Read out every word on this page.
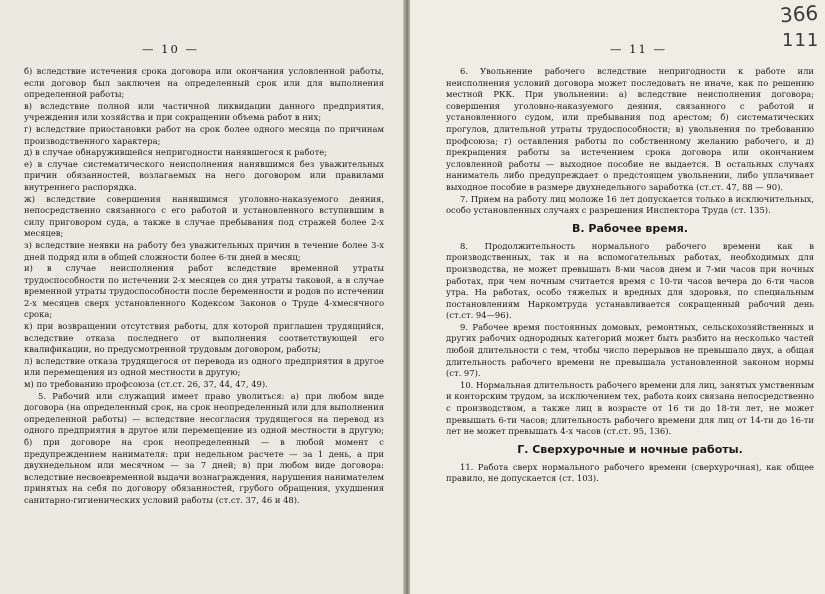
— 10 —

б) вследствие истечения срока договора или окончания условленной работы, если договор был заключен на определенный срок или для выполнения определенной работы;

в) вследствие полной или частичной ликвидации данного предприятия, учреждения или хозяйства и при сокращении объема работ в них;

г) вследствие приостановки работ на срок более одного месяца по причинам производственного характера;

д) в случае обнаружившейся непригодности нанявшегося к работе;

е) в случае систематического неисполнения нанявшимся без уважительных причин обязанностей, возлагаемых на него договором или правилами внутреннего распорядка.

ж) вследствие совершения нанявшимся уголовно-наказуемого деяния, непосредственно связанного с его работой и установленного вступившим в силу приговором суда, а также в случае пребывания под стражей более 2-х месяцев;

з) вследствие неявки на работу без уважительных причин в течение более 3-х дней подряд или в общей сложности более 6-ти дней в месяц;

и) в случае неисполнения работ вследствие временной утраты трудоспособности по истечении 2-х месяцев со дня утраты таковой, а в случае временной утраты трудоспособности после беременности и родов по истечении 2-х месяцев сверх установленного Кодексом Законов о Труде 4-хмесячного срока;

к) при возвращении отсутствия работы, для которой приглашен трудящийся, вследствие отказа последнего от выполнения соответствующей его квалификации, но предусмотренной трудовым договором, работы;

л) вследствие отказа трудящегося от перевода из одного предприятия в другое или перемещения из одной местности в другую;

м) по требованию профсоюза (ст.ст. 26, 37, 44, 47, 49).

5. Рабочий или служащий имеет право уволиться: а) при любом виде договора (на определенный срок, на срок неопределенный или для выполнения определенной работы) — вследствие несогласия трудящегося на перевод из одного предприятия в другое или перемещение из одной местности в другую; б) при договоре на срок неопределенный — в любой момент с предупреждением нанимателя: при недельном расчете — за 1 день, а при двухнедельном или месячном — за 7 дней; в) при любом виде договора: вследствие несвоевременной выдачи вознаграждения, нарушения нанимателем принятых на себя по договору обязанностей, грубого обращения, ухудшения санитарно-гигиенических условий работы (ст.ст. 37, 46 и 48).

366
111
— 11 —

6. Увольнение рабочего вследствие непригодности к работе или неисполнения условий договора может последовать не иначе, как по решению местной РКК. При увольнении: а) вследствие неисполнения договора; совершения уголовно-наказуемого деяния, связанного с работой и установленного судом, или пребывания под арестом; б) систематических прогулов, длительной утраты трудоспособности; в) увольнения по требованию профсоюза; г) оставления работы по собственному желанию рабочего, и д) прекращения работы за истечением срока договора или окончанием условленной работы — выходное пособие не выдается. В остальных случаях наниматель либо предупреждает о предстоящем увольнении, либо уплачивает выходное пособие в размере двухнедельного заработка (ст.ст. 47, 88 — 90).

7. Прием на работу лиц моложе 16 лет допускается только в исключительных, особо установленных случаях с разрешения Инспектора Труда (ст. 135).

В. Рабочее время.

8. Продолжительность нормального рабочего времени как в производственных, так и на вспомогательных работах, необходимых для производства, не может превышать 8-ми часов днем и 7-ми часов при ночных работах, при чем ночным считается время с 10-ти часов вечера до 6-ти часов утра. На работах, особо тяжелых и вредных для здоровья, по специальным постановлениям Наркомтруда устанавливается сокращенный рабочий день (ст.ст. 94—96).

9. Рабочее время постоянных домовых, ремонтных, сельскохозяйственных и других рабочих однородных категорий может быть разбито на несколько частей любой длительности с тем, чтобы число перерывов не превышало двух, а общая длительность рабочего времени не превышала установленной законом нормы (ст. 97).

10. Нормальная длительность рабочего времени для лиц, занятых умственным и конторским трудом, за исключением тех, работа коих связана непосредственно с производством, а также лиц в возрасте от 16 ти до 18-ти лет, не может превышать 6-ти часов; длительность рабочего времени для лиц от 14-ти до 16-ти лет не может превышать 4-х часов (ст.ст. 95, 136).

Г. Сверхурочные и ночные работы.

11. Работа сверх нормального рабочего времени (сверхурочная), как общее правило, не допускается (ст. 103).
